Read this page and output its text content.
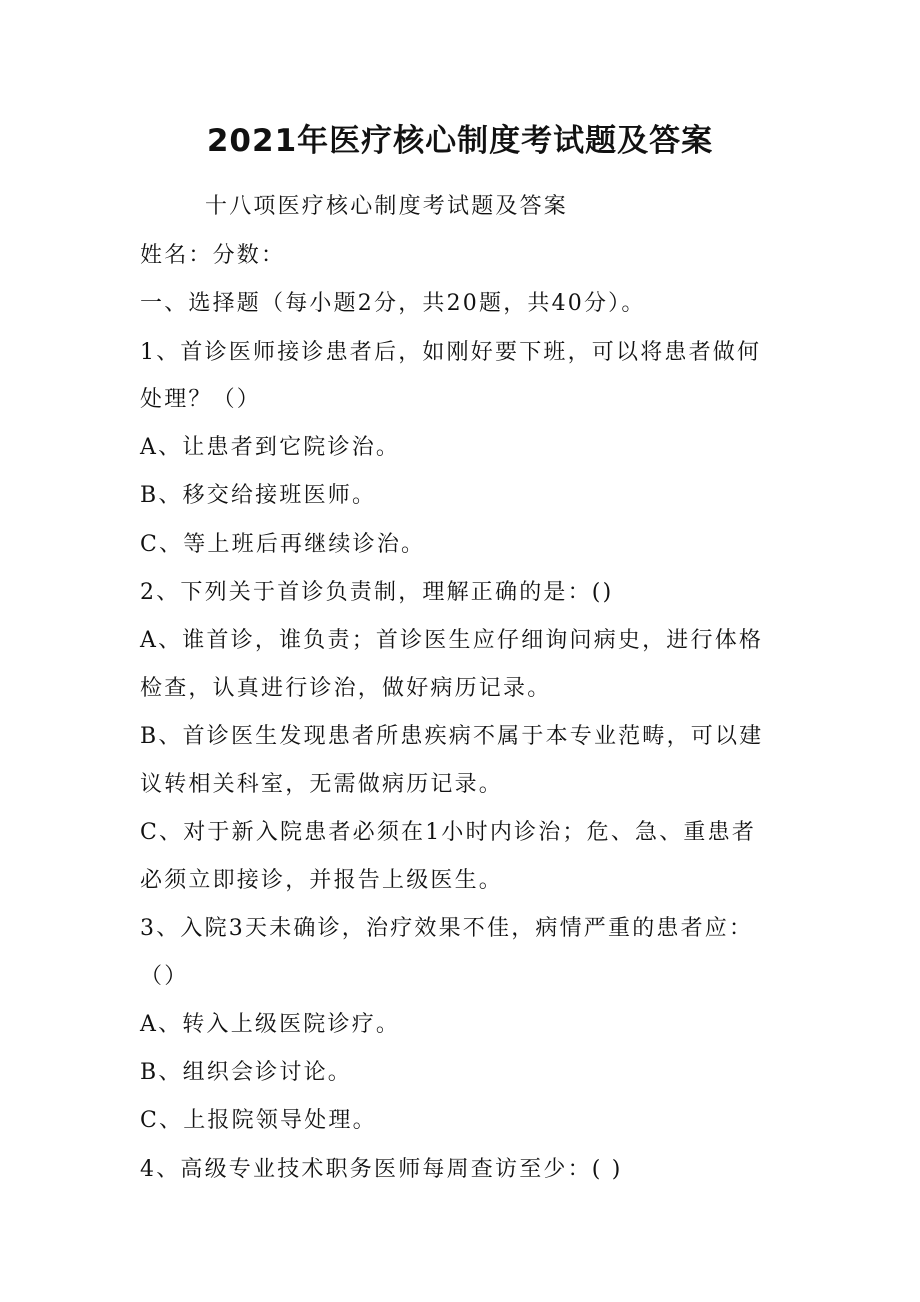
2021年医疗核心制度考试题及答案
十八项医疗核心制度考试题及答案
姓名：分数：
一、选择题（每小题2分，共20题，共40分）。
1、首诊医师接诊患者后，如刚好要下班，可以将患者做何
处理？（）
A、让患者到它院诊治。
B、移交给接班医师。
C、等上班后再继续诊治。
2、下列关于首诊负责制，理解正确的是：()
A、谁首诊，谁负责；首诊医生应仔细询问病史，进行体格
检查，认真进行诊治，做好病历记录。
B、首诊医生发现患者所患疾病不属于本专业范畴，可以建
议转相关科室，无需做病历记录。
C、对于新入院患者必须在1小时内诊治；危、急、重患者
必须立即接诊，并报告上级医生。
3、入院3天未确诊，治疗效果不佳，病情严重的患者应：
（）
A、转入上级医院诊疗。
B、组织会诊讨论。
C、上报院领导处理。
4、高级专业技术职务医师每周查访至少：( )
